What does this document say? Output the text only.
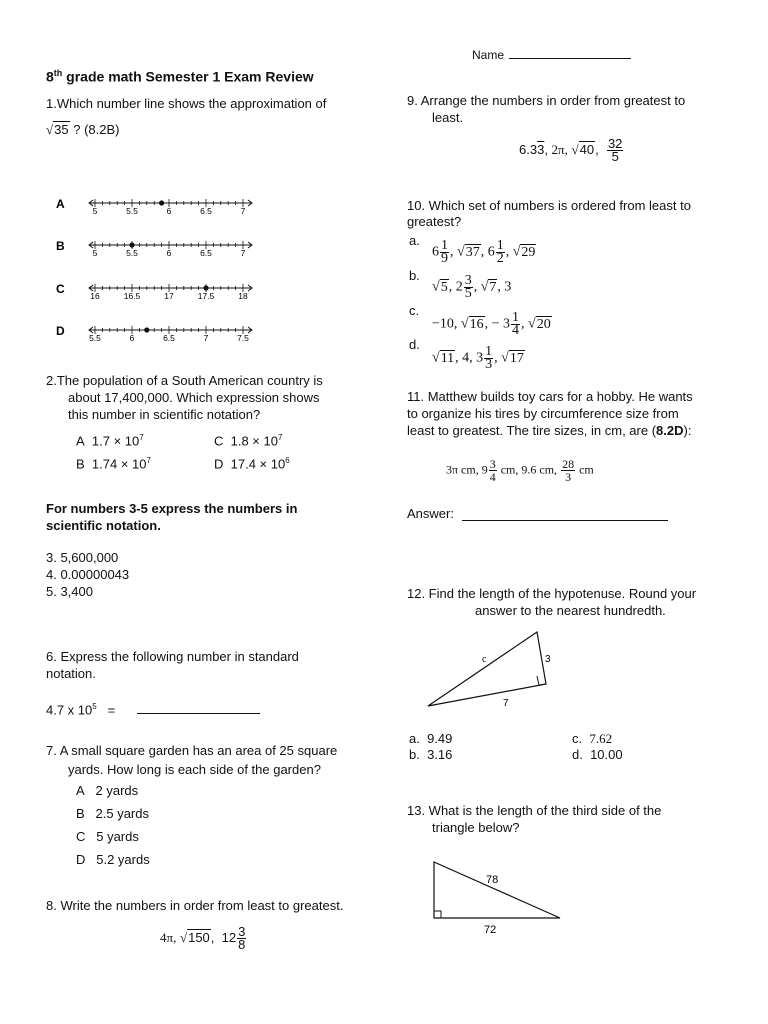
Name
8th grade math Semester 1 Exam Review
1.Which number line shows the approximation of
√35 ? (8.2B)
A	5	5.5	6	6.5	7
B	5	5.5	6	6.5	7
C	16	16.5	17	17.5	18
D	5.5	6	6.5	7	7.5
2.The population of a South American country is
about 17,400,000. Which expression shows
this number in scientific notation?
A $1.7 \times 10^7$	C $1.8 \times 10^7$
B $1.74 \times 10^7$	D $17.4 \times 10^6$
For numbers 3-5 express the numbers in
scientific notation.
3. 5,600,000
4. 0.00000043
5. 3,400
6. Express the following number in standard
notation.
4.7 x $10^5$ =
7. A small square garden has an area of 25 square
yards. How long is each side of the garden?
A 2 yards
B 2.5 yards
C 5 yards
D 5.2 yards
8. Write the numbers in order from least to greatest.
4π, √150,  $12 \frac{3}{8}$
9. Arrange the numbers in order from greatest to
least.
6.33, 2π, √40, $\frac{32}{5}$
10. Which set of numbers is ordered from least to
greatest?
a.
$6 \frac{1}{9}$ , √37, $6 \frac{1}{2}$ , √29
b.
√5, $2 \frac{3}{5}$ , √7, 3
c.
−10, √16, − $3 \frac{1}{4}$ , √20
d.
√11, 4, $3 \frac{1}{3}$ , √17
11. Matthew builds toy cars for a hobby. He wants
to organize his tires by circumference size from
least to greatest. The tire sizes, in cm, are (8.2D):
3π cm, $9 \frac{3}{4}$ cm, 9.6 cm, $\frac{28}{3}$ cm
Answer:
12. Find the length of the hypotenuse. Round your
answer to the nearest hundredth.
c	3
7
a. 9.49	c. 7.62
b. 3.16	d. 10.00
13. What is the length of the third side of the
triangle below?
78
72
